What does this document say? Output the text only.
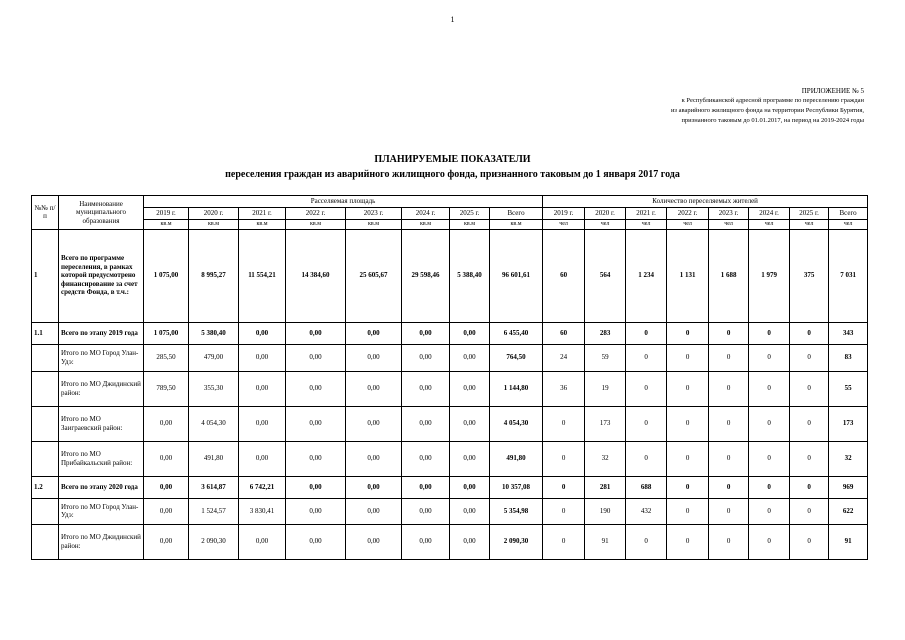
1
ПРИЛОЖЕНИЕ № 5
к Республиканской адресной программе по переселению граждан
из аварийного жилищного фонда на территории Республики Бурятия,
признанного таковым до 01.01.2017, на период на 2019-2024 годы
ПЛАНИРУЕМЫЕ ПОКАЗАТЕЛИ
переселения граждан из аварийного жилищного фонда, признанного таковым до 1 января 2017 года
№№ п/п	Наименование муниципального образования	Расселяемая площадь								Количество переселяемых жителей							
		2019 г.	2020 г.	2021 г.	2022 г.	2023 г.	2024 г.	2025 г.	Всего	2019 г.	2020 г.	2021 г.	2022 г.	2023 г.	2024 г.	2025 г.	Всего
		кв.м	кв.м	кв.м	кв.м	кв.м	кв.м	кв.м	кв.м	чел	чел	чел	чел	чел	чел	чел	чел
1	Всего по программе переселения, в рамках которой предусмотрено финансирование за счет средств Фонда, в т.ч.:	1 075,00	8 995,27	11 554,21	14 384,60	25 605,67	29 598,46	5 388,40	96 601,61	60	564	1 234	1 131	1 688	1 979	375	7 031
1.1	Всего по этапу 2019 года	1 075,00	5 380,40	0,00	0,00	0,00	0,00	0,00	6 455,40	60	283	0	0	0	0	0	343
	Итого по МО Город Улан-Удэ:	285,50	479,00	0,00	0,00	0,00	0,00	0,00	764,50	24	59	0	0	0	0	0	83
	Итого по МО Джидинский район:	789,50	355,30	0,00	0,00	0,00	0,00	0,00	1 144,80	36	19	0	0	0	0	0	55
	Итого по МО Заиграевский район:	0,00	4 054,30	0,00	0,00	0,00	0,00	0,00	4 054,30	0	173	0	0	0	0	0	173
	Итого по МО Прибайкальский район:	0,00	491,80	0,00	0,00	0,00	0,00	0,00	491,80	0	32	0	0	0	0	0	32
1.2	Всего по этапу 2020 года	0,00	3 614,87	6 742,21	0,00	0,00	0,00	0,00	10 357,08	0	281	688	0	0	0	0	969
	Итого по МО Город Улан-Удэ:	0,00	1 524,57	3 830,41	0,00	0,00	0,00	0,00	5 354,98	0	190	432	0	0	0	0	622
	Итого по МО Джидинский район:	0,00	2 090,30	0,00	0,00	0,00	0,00	0,00	2 090,30	0	91	0	0	0	0	0	91
